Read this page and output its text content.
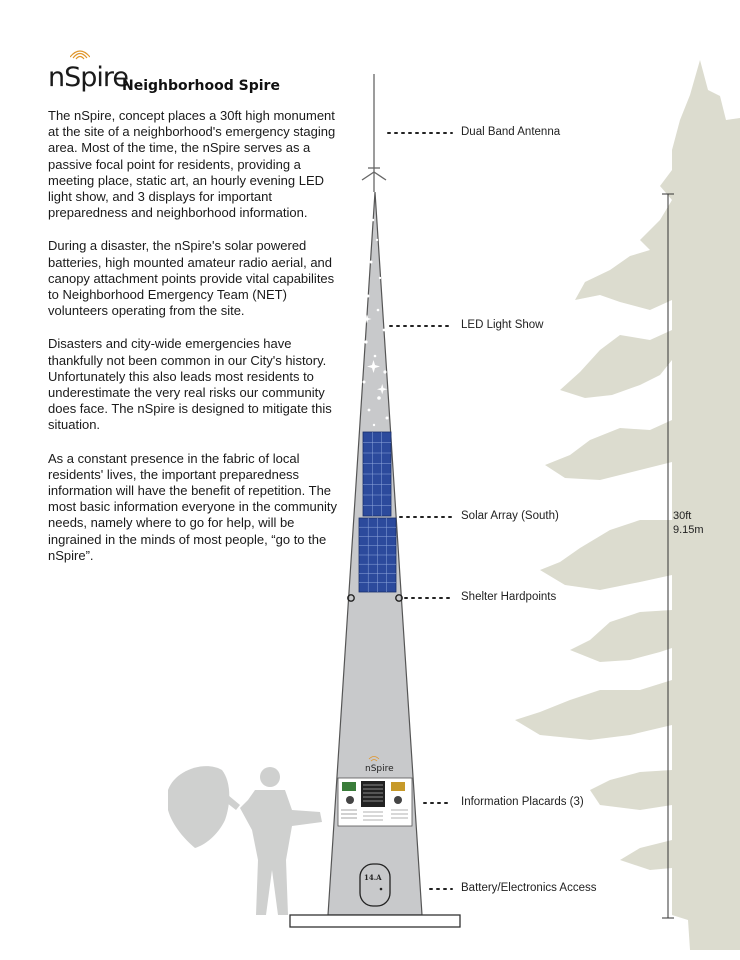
nSpire
Neighborhood Spire

The nSpire, concept places a 30ft high monument at the site of a neighborhood's emergency staging area. Most of the time, the nSpire serves as a passive focal point for residents, providing a meeting place, static art, an hourly evening LED light show, and 3 displays for important preparedness and neighborhood information.

During a disaster, the nSpire's solar powered batteries, high mounted amateur radio aerial, and canopy attachment points provide vital capabilites to Neighborhood Emergency Team (NET) volunteers operating from the site.

Disasters and city-wide emergencies have thankfully not been common in our City's history. Unfortunately this also leads most residents to underestimate the very real risks our community does face. The nSpire is designed to mitigate this situation.

As a constant presence in the fabric of local residents' lives, the important preparedness information will have the benefit of repetition. The most basic information everyone in the community needs, namely where to go for help, will be ingrained in the minds of most people, “go to the nSpire”.

Dual Band Antenna
LED Light Show
Solar Array (South)
Shelter Hardpoints
Information Placards (3)
Battery/Electronics Access
30ft
9.15m
nSpire
14.A
